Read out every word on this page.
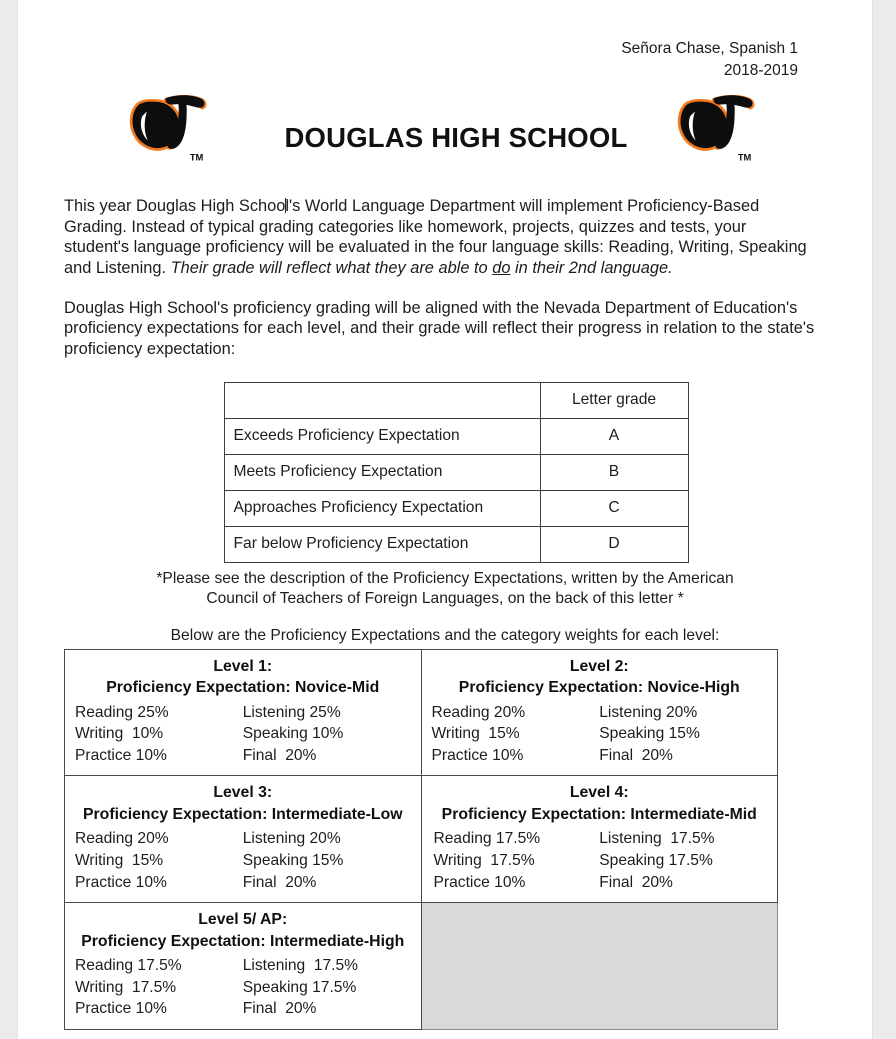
Señora Chase, Spanish 1
2018-2019
TM	TM
DOUGLAS HIGH SCHOOL

This year Douglas High School's World Language Department will implement Proficiency-Based Grading. Instead of typical grading categories like homework, projects, quizzes and tests, your student's language proficiency will be evaluated in the four language skills: Reading, Writing, Speaking and Listening. Their grade will reflect what they are able to do in their 2nd language.

Douglas High School's proficiency grading will be aligned with the Nevada Department of Education's proficiency expectations for each level, and their grade will reflect their progress in relation to the state's proficiency expectation:

	Letter grade
Exceeds Proficiency Expectation	A
Meets Proficiency Expectation	B
Approaches Proficiency Expectation	C
Far below Proficiency Expectation	D
*Please see the description of the Proficiency Expectations, written by the American
Council of Teachers of Foreign Languages, on the back of this letter *
Below are the Proficiency Expectations and the category weights for each level:
Level 1:
Proficiency Expectation: Novice-Mid
Reading 25%	Listening 25%
Writing  10%	Speaking 10%
Practice 10%	Final  20%

Level 2:
Proficiency Expectation: Novice-High
Reading 20%	Listening 20%
Writing  15%	Speaking 15%
Practice 10%	Final  20%

Level 3:
Proficiency Expectation: Intermediate-Low
Reading 20%	Listening 20%
Writing  15%	Speaking 15%
Practice 10%	Final  20%

Level 4:
Proficiency Expectation: Intermediate-Mid
Reading 17.5%	Listening  17.5%
Writing  17.5%	Speaking 17.5%
Practice 10%	Final  20%

Level 5/ AP:
Proficiency Expectation: Intermediate-High
Reading 17.5%	Listening  17.5%
Writing  17.5%	Speaking 17.5%
Practice 10%	Final  20%
